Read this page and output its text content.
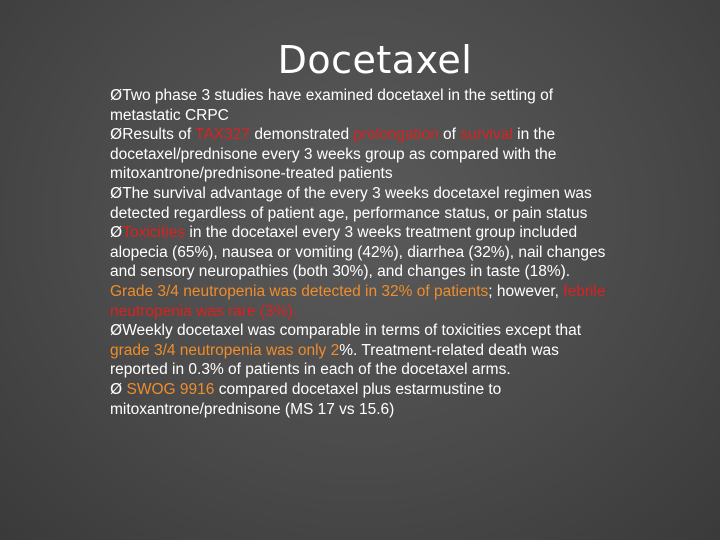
Docetaxel

ØTwo phase 3 studies have examined docetaxel in the setting of metastatic CRPC

ØResults of TAX327 demonstrated prolongation of survival in the docetaxel/prednisone every 3 weeks group as compared with the mitoxantrone/prednisone-treated patients

ØThe survival advantage of the every 3 weeks docetaxel regimen was detected regardless of patient age, performance status, or pain status

ØToxicities in the docetaxel every 3 weeks treatment group included alopecia (65%), nausea or vomiting (42%), diarrhea (32%), nail changes and sensory neuropathies (both 30%), and changes in taste (18%). Grade 3/4 neutropenia was detected in 32% of patients; however, febrile neutropenia was rare (3%).

ØWeekly docetaxel was comparable in terms of toxicities except that grade 3/4 neutropenia was only 2%. Treatment-related death was reported in 0.3% of patients in each of the docetaxel arms.

Ø SWOG 9916 compared docetaxel plus estarmustine to mitoxantrone/prednisone (MS 17 vs 15.6)
